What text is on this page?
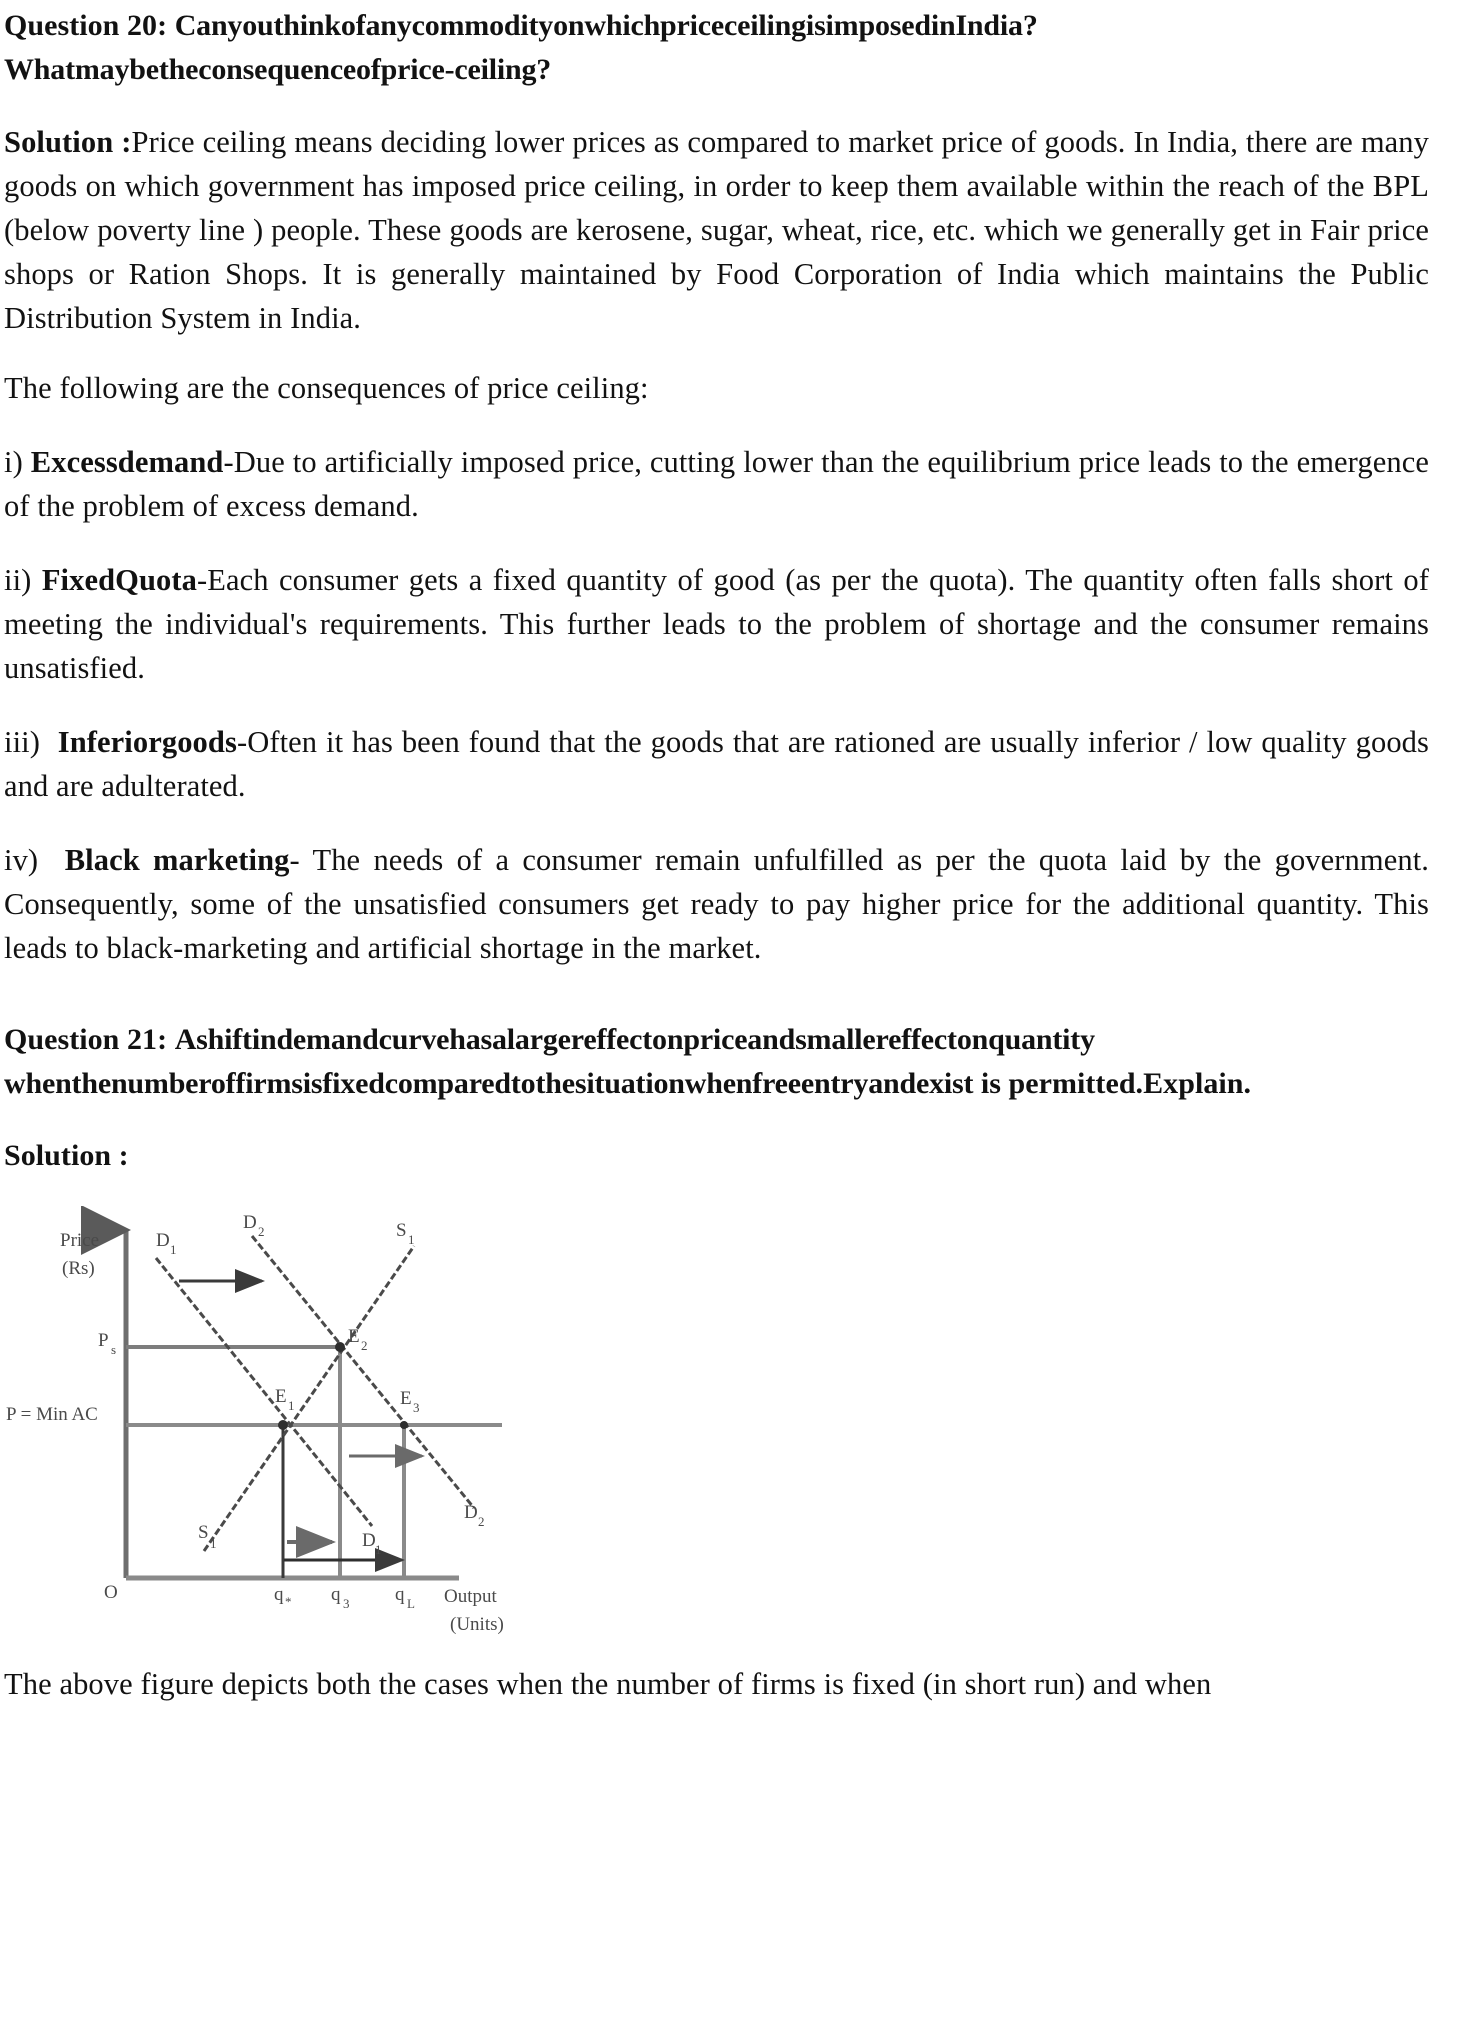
Question 20: CanyouthinkofanycommodityonwhichpriceceilingisimposedinIndia?Whatmaybetheconsequenceofprice-ceiling?

Solution :Price ceiling means deciding lower prices as compared to market price of goods. In India, there are many goods on which government has imposed price ceiling, in order to keep them available within the reach of the BPL (below poverty line ) people. These goods are kerosene, sugar, wheat, rice, etc. which we generally get in Fair price shops or Ration Shops. It is generally maintained by Food Corporation of India which maintains the Public Distribution System in India.

The following are the consequences of price ceiling:

i) Excessdemand-Due to artificially imposed price, cutting lower than the equilibrium price leads to the emergence of the problem of excess demand.

ii) FixedQuota-Each consumer gets a fixed quantity of good (as per the quota). The quantity often falls short of meeting the individual's requirements. This further leads to the problem of shortage and the consumer remains unsatisfied.

iii) Inferiorgoods-Often it has been found that the goods that are rationed are usually inferior / low quality goods and are adulterated.

iv) Black marketing- The needs of a consumer remain unfulfilled as per the quota laid by the government. Consequently, some of the unsatisfied consumers get ready to pay higher price for the additional quantity. This leads to black-marketing and artificial shortage in the market.

Question 21: Ashiftindemandcurvehasalargereffectonpriceandsmallereffectonquantity
whenthenumberoffirmsisfixedcomparedtothesituationwhenfreeentryandexist is permitted.Explain.

Solution :

Price
(Rs)
P s
P = Min AC
O
D 1
D 2	S 1
E 2
E 1	E 3
D 2
D 1
S
1
q * q 3 q L Output
(Units)

The above figure depicts both the cases when the number of firms is fixed (in short run) and when
